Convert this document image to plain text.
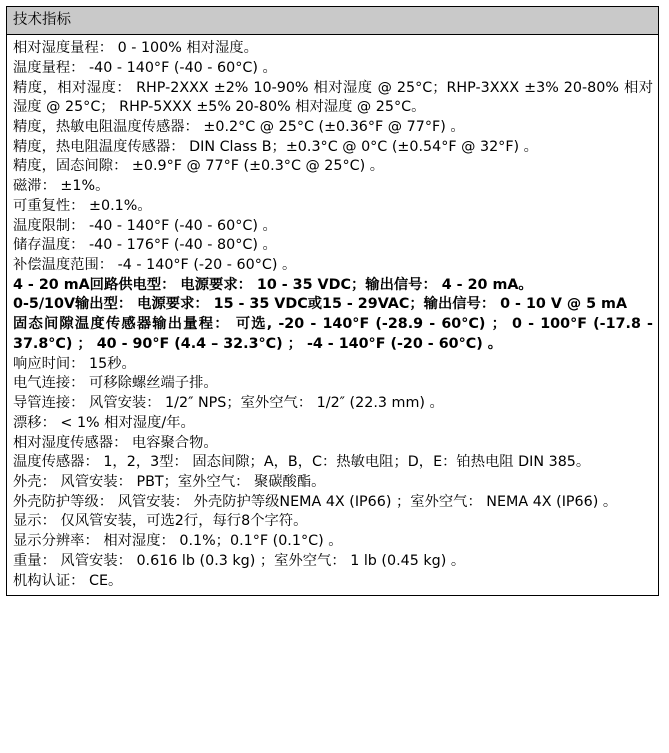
技术指标

相对湿度量程： 0 - 100% 相对湿度。

温度量程： -40 - 140°F (-40 - 60°C) 。

精度，相对湿度： RHP-2XXX ±2% 10-90% 相对湿度 @ 25°C；RHP-3XXX ±3% 20-80% 相对湿度 @ 25°C； RHP-5XXX ±5% 20-80% 相对湿度 @ 25°C。

精度，热敏电阻温度传感器： ±0.2°C @ 25°C (±0.36°F @ 77°F) 。

精度，热电阻温度传感器： DIN Class B；±0.3°C @ 0°C (±0.54°F @ 32°F) 。

精度，固态间隙： ±0.9°F @ 77°F (±0.3°C @ 25°C) 。

磁滞： ±1%。

可重复性： ±0.1%。

温度限制： -40 - 140°F (-40 - 60°C) 。

储存温度： -40 - 176°F (-40 - 80°C) 。

补偿温度范围： -4 - 140°F (-20 - 60°C) 。

4 - 20 mA回路供电型： 电源要求： 10 - 35 VDC；输出信号： 4 - 20 mA。

0-5/10V输出型： 电源要求： 15 - 35 VDC或15 - 29VAC；输出信号： 0 - 10 V @ 5 mA

固态间隙温度传感器输出量程： 可选, -20 - 140°F (-28.9 - 60°C) ； 0 - 100°F (-17.8 - 37.8°C) ； 40 - 90°F (4.4 – 32.3°C) ； -4 - 140°F (-20 - 60°C) 。

响应时间： 15秒。

电气连接： 可移除螺丝端子排。

导管连接： 风管安装： 1/2″ NPS；室外空气： 1/2″ (22.3 mm) 。

漂移： < 1% 相对湿度/年。

相对湿度传感器： 电容聚合物。

温度传感器： 1，2，3型： 固态间隙；A，B，C：热敏电阻；D，E：铂热电阻 DIN 385。

外壳： 风管安装： PBT；室外空气： 聚碳酸酯。

外壳防护等级： 风管安装： 外壳防护等级NEMA 4X (IP66) ；室外空气： NEMA 4X (IP66) 。

显示： 仅风管安装，可选2行，每行8个字符。

显示分辨率： 相对湿度： 0.1%；0.1°F (0.1°C) 。

重量： 风管安装： 0.616 lb (0.3 kg) ；室外空气： 1 lb (0.45 kg) 。

机构认证： CE。
